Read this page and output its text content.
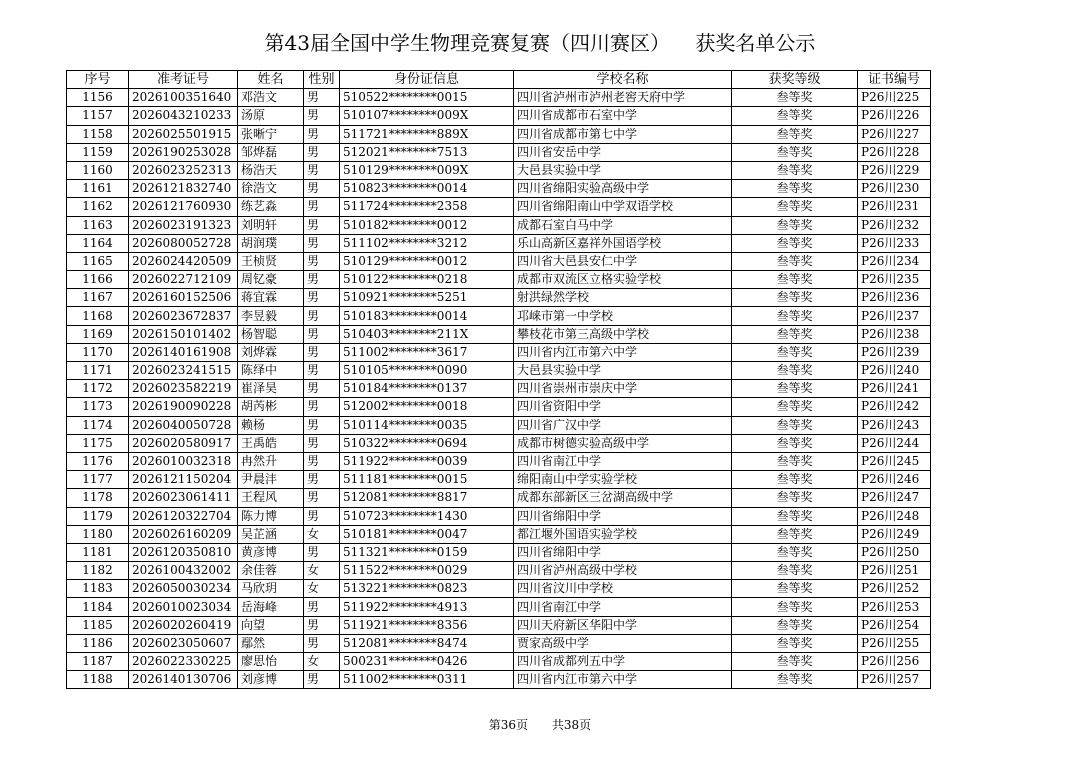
第43届全国中学生物理竞赛复赛（四川赛区）    获奖名单公示
序号	准考证号	姓名	性别	身份证信息	学校名称	获奖等级	证书编号
1156	2026100351640	邓浩文	男	510522********0015	四川省泸州市泸州老窖天府中学	叁等奖	P26川225
1157	2026043210233	汤原	男	510107********009X	四川省成都市石室中学	叁等奖	P26川226
1158	2026025501915	张晰宁	男	511721********889X	四川省成都市第七中学	叁等奖	P26川227
1159	2026190253028	邹烨磊	男	512021********7513	四川省安岳中学	叁等奖	P26川228
1160	2026023252313	杨浩天	男	510129********009X	大邑县实验中学	叁等奖	P26川229
1161	2026121832740	徐浩文	男	510823********0014	四川省绵阳实验高级中学	叁等奖	P26川230
1162	2026121760930	练艺淼	男	511724********2358	四川省绵阳南山中学双语学校	叁等奖	P26川231
1163	2026023191323	刘明轩	男	510182********0012	成都石室白马中学	叁等奖	P26川232
1164	2026080052728	胡润璞	男	511102********3212	乐山高新区嘉祥外国语学校	叁等奖	P26川233
1165	2026024420509	王桢贤	男	510129********0012	四川省大邑县安仁中学	叁等奖	P26川234
1166	2026022712109	周钇豪	男	510122********0218	成都市双流区立格实验学校	叁等奖	P26川235
1167	2026160152506	蒋宜霖	男	510921********5251	射洪绿然学校	叁等奖	P26川236
1168	2026023672837	李昱毅	男	510183********0014	邛崃市第一中学校	叁等奖	P26川237
1169	2026150101402	杨智聪	男	510403********211X	攀枝花市第三高级中学校	叁等奖	P26川238
1170	2026140161908	刘烨霖	男	511002********3617	四川省内江市第六中学	叁等奖	P26川239
1171	2026023241515	陈绎中	男	510105********0090	大邑县实验中学	叁等奖	P26川240
1172	2026023582219	崔泽昊	男	510184********0137	四川省崇州市崇庆中学	叁等奖	P26川241
1173	2026190090228	胡芮彬	男	512002********0018	四川省资阳中学	叁等奖	P26川242
1174	2026040050728	赖杨	男	510114********0035	四川省广汉中学	叁等奖	P26川243
1175	2026020580917	王禹皓	男	510322********0694	成都市树德实验高级中学	叁等奖	P26川244
1176	2026010032318	冉然升	男	511922********0039	四川省南江中学	叁等奖	P26川245
1177	2026121150204	尹晨沣	男	511181********0015	绵阳南山中学实验学校	叁等奖	P26川246
1178	2026023061411	王程风	男	512081********8817	成都东部新区三岔湖高级中学	叁等奖	P26川247
1179	2026120322704	陈力博	男	510723********1430	四川省绵阳中学	叁等奖	P26川248
1180	2026026160209	吴芷涵	女	510181********0047	都江堰外国语实验学校	叁等奖	P26川249
1181	2026120350810	黄彦博	男	511321********0159	四川省绵阳中学	叁等奖	P26川250
1182	2026100432002	余佳蓉	女	511522********0029	四川省泸州高级中学校	叁等奖	P26川251
1183	2026050030234	马欣玥	女	513221********0823	四川省汶川中学校	叁等奖	P26川252
1184	2026010023034	岳海峰	男	511922********4913	四川省南江中学	叁等奖	P26川253
1185	2026020260419	向望	男	511921********8356	四川天府新区华阳中学	叁等奖	P26川254
1186	2026023050607	鄢然	男	512081********8474	贾家高级中学	叁等奖	P26川255
1187	2026022330225	廖思怡	女	500231********0426	四川省成都列五中学	叁等奖	P26川256
1188	2026140130706	刘彦博	男	511002********0311	四川省内江市第六中学	叁等奖	P26川257
第36页 共38页
